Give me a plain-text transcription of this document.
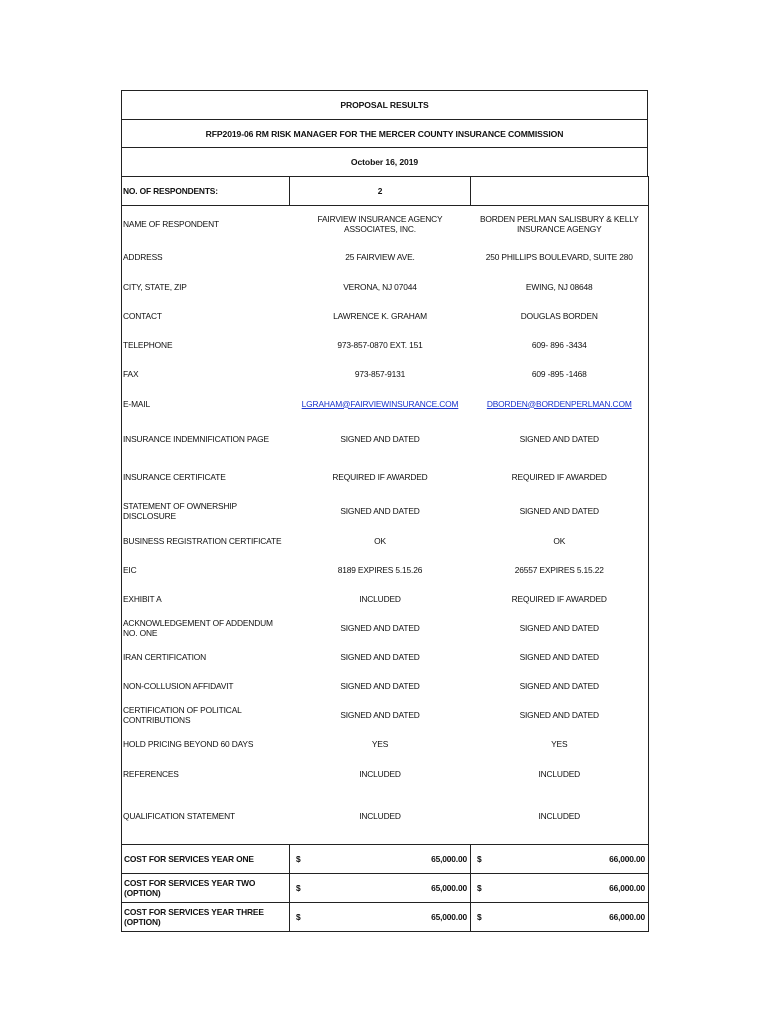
PROPOSAL RESULTS
RFP2019-06 RM RISK MANAGER FOR THE MERCER COUNTY INSURANCE COMMISSION
October 16, 2019
NO. OF RESPONDENTS:	2	
NAME OF RESPONDENT	FAIRVIEW INSURANCE AGENCY ASSOCIATES, INC.	BORDEN PERLMAN SALISBURY & KELLY INSURANCE AGENGY
ADDRESS	25 FAIRVIEW AVE.	250 PHILLIPS BOULEVARD, SUITE 280
CITY, STATE, ZIP	VERONA, NJ 07044	EWING, NJ 08648
CONTACT	LAWRENCE K. GRAHAM	DOUGLAS BORDEN
TELEPHONE	973-857-0870 EXT. 151	609- 896 -3434
FAX	973-857-9131	609 -895 -1468
E-MAIL	LGRAHAM@FAIRVIEWINSURANCE.COM	DBORDEN@BORDENPERLMAN.COM
INSURANCE INDEMNIFICATION PAGE	SIGNED AND DATED	SIGNED AND DATED
INSURANCE CERTIFICATE	REQUIRED IF AWARDED	REQUIRED IF AWARDED
STATEMENT OF OWNERSHIP DISCLOSURE	SIGNED AND DATED	SIGNED AND DATED
BUSINESS REGISTRATION CERTIFICATE	OK	OK
EIC	8189 EXPIRES 5.15.26	26557 EXPIRES 5.15.22
EXHIBIT A	INCLUDED	REQUIRED IF AWARDED
ACKNOWLEDGEMENT OF ADDENDUM NO. ONE	SIGNED AND DATED	SIGNED AND DATED
IRAN CERTIFICATION	SIGNED AND DATED	SIGNED AND DATED
NON-COLLUSION AFFIDAVIT	SIGNED AND DATED	SIGNED AND DATED
CERTIFICATION OF POLITICAL CONTRIBUTIONS	SIGNED AND DATED	SIGNED AND DATED
HOLD PRICING BEYOND 60 DAYS	YES	YES
REFERENCES	INCLUDED	INCLUDED
QUALIFICATION STATEMENT	INCLUDED	INCLUDED
COST FOR SERVICES YEAR ONE	$ 65,000.00	$ 66,000.00

COST FOR SERVICES YEAR TWO (OPTION)	$ 65,000.00	$ 66,000.00

COST FOR SERVICES YEAR THREE (OPTION)	$ 65,000.00	$ 66,000.00
